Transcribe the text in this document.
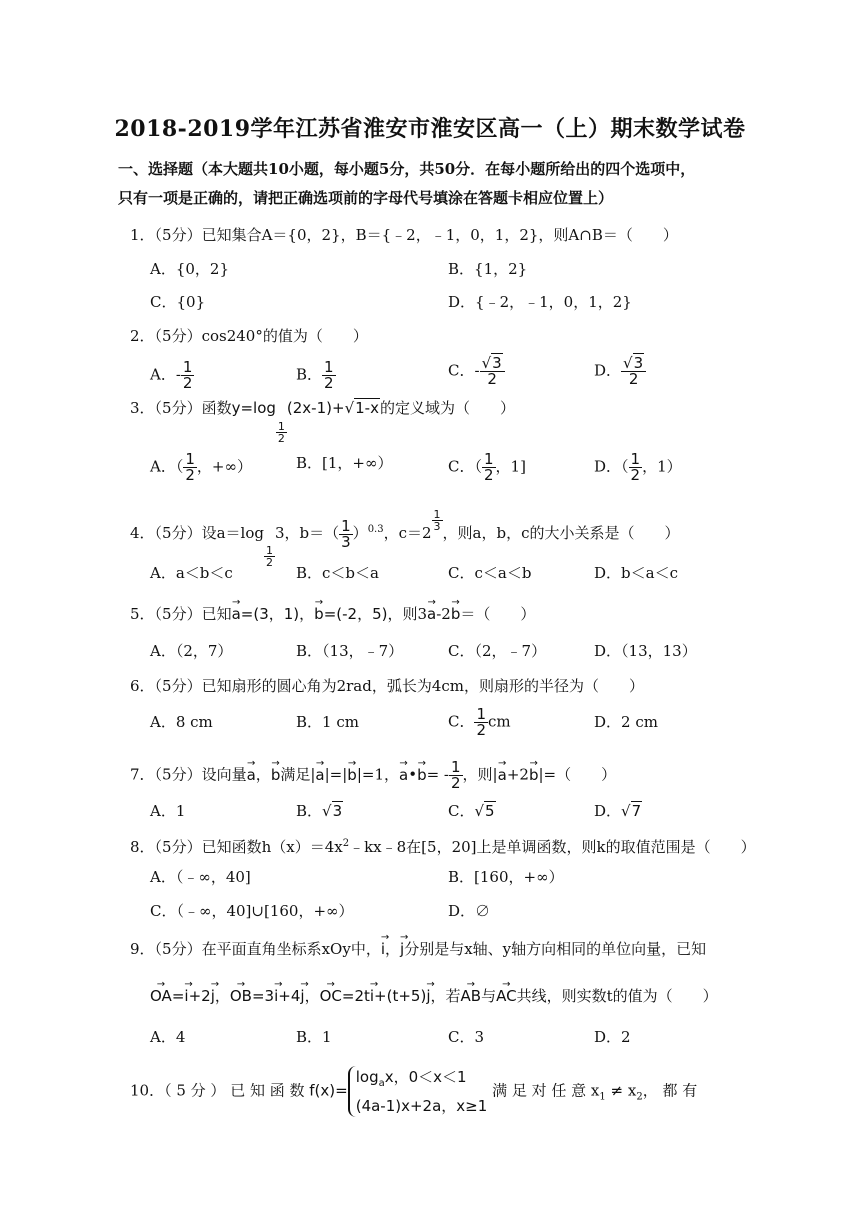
2018-2019学年江苏省淮安市淮安区高一（上）期末数学试卷
一、选择题（本大题共10小题，每小题5分，共50分．在每小题所给出的四个选项中，
只有一项是正确的，请把正确选项前的字母代号填涂在答题卡相应位置上）
1．（5分）已知集合A＝{0，2}，B＝{﹣2，﹣1，0，1，2}，则A∩B＝（　　）
A．{0，2}	B．{1，2}
C．{0}	D．{﹣2，﹣1，0，1，2}
2．（5分）cos240°的值为（　　）
A．- $\frac{1}{2}$	B． $\frac{1}{2}$	C．- $\frac{√3}{2}$	D． $\frac{√3}{2}$
3．（5分）函数y=log
$\frac{1}{2}$
(2x-1)+√1-x的定义域为（　　）
A．（ $\frac{1}{2}$ ，+∞）	B．[1，+∞）	C．（ $\frac{1}{2}$ ，1]	D．（ $\frac{1}{2}$ ，1）
4．（5分）设a＝log
$\frac{1}{2}$
3，$b=( \frac{1}{3} )^{0.3}$，c＝2
$\frac{1}{3}$
，则a，b，c的大小关系是（　　）
A．a＜b＜c	B．c＜b＜a	C．c＜a＜b	D．b＜a＜c
5．（5分）已知→ a=(3，1)，→ b=(-2，5)，则3→ a-2→ b＝（　　）
A．（2，7）	B．（13，﹣7）	C．（2，﹣7）	D．（13，13）
6．（5分）已知扇形的圆心角为2rad，弧长为4cm，则扇形的半径为（　　）
A．8 cm	B．1 cm	C． $\frac{1}{2}$ cm	D．2 cm
7．（5分）设向量→ a，→ b满足|→ a|=|→ b|=1，→ a•→ $b= - \frac{1}{2}$ ，则|→ a+2→ b|=（　　）
A．1	B．√3	C．√5	D．√7
8．（5分）已知函数$h(x)=4x^2﹣kx﹣8$在[5，20]上是单调函数，则k的取值范围是（　　）
A．（﹣∞，40]	B．[160，+∞）
C．（﹣∞，40]∪[160，+∞）	D．∅
9．（5分）在平面直角坐标系xOy中，→ i，→ j分别是与x轴、y轴方向相同的单位向量，已知
→ OA=→ i+2→ j，→ OB=3→ i+4→ j，→ OC=2t→ i+(t+5)→ j，若→ AB与→ AC共线，则实数t的值为（　　）
A．4	B．1	C．3	D．2
10．（ 5 分 ） 已 知 函 数 f(x)=
$\log_ax$，0＜x＜1
(4a-1)x+2a，x≥1
满 足 对 任 意 $x_1 \ne x_2$， 都 有
